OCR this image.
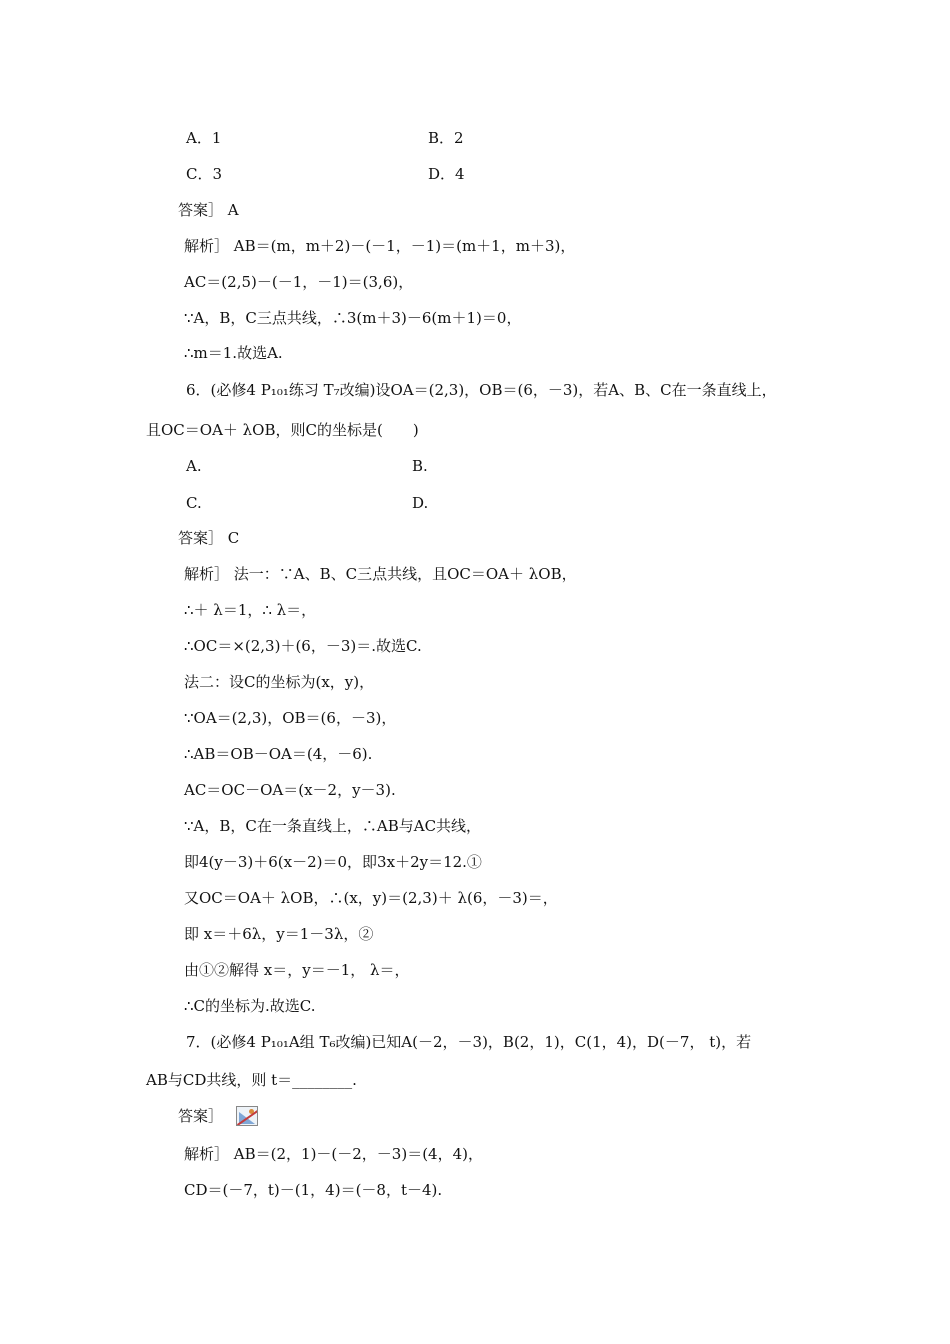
A．1	B．2
C．3	D．4
答案］ A
解析］ AB＝(m，m＋2)－(－1，－1)＝(m＋1，m＋3)，
AC＝(2,5)－(－1，－1)＝(3,6)，
∵A，B，C三点共线，∴3(m＋3)－6(m＋1)＝0，
∴m＝1.故选A.
6．(必修4 P₁₀₁练习 T₇改编)设OA＝(2,3)，OB＝(6，－3)，若A、B、C在一条直线上，
且OC＝OA＋ λOB，则C的坐标是(　　)
A.	B.
C.	D.
答案］ C
解析］ 法一：∵A、B、C三点共线，且OC＝OA＋ λOB，
∴＋ λ＝1，∴ λ＝，
∴OC＝×(2,3)＋(6，－3)＝.故选C.
法二：设C的坐标为(x，y)，
∵OA＝(2,3)，OB＝(6，－3)，
∴AB＝OB－OA＝(4，－6).
AC＝OC－OA＝(x－2，y－3).
∵A，B，C在一条直线上，∴AB与AC共线，
即4(y－3)＋6(x－2)＝0，即3x＋2y＝12.①
又OC＝OA＋ λOB，∴(x，y)＝(2,3)＋ λ(6，－3)＝，
即 x＝＋6λ，y＝1－3λ，②
由①②解得 x＝，y＝－1， λ＝，
∴C的坐标为.故选C.
7．(必修4 P₁₀₁A组 T₆改编)已知A(－2，－3)，B(2，1)，C(1，4)，D(－7， t)，若
AB与CD共线，则 t＝________.
答案］
解析］ AB＝(2，1)－(－2，－3)＝(4，4)，
CD＝(－7，t)－(1，4)＝(－8，t－4).
